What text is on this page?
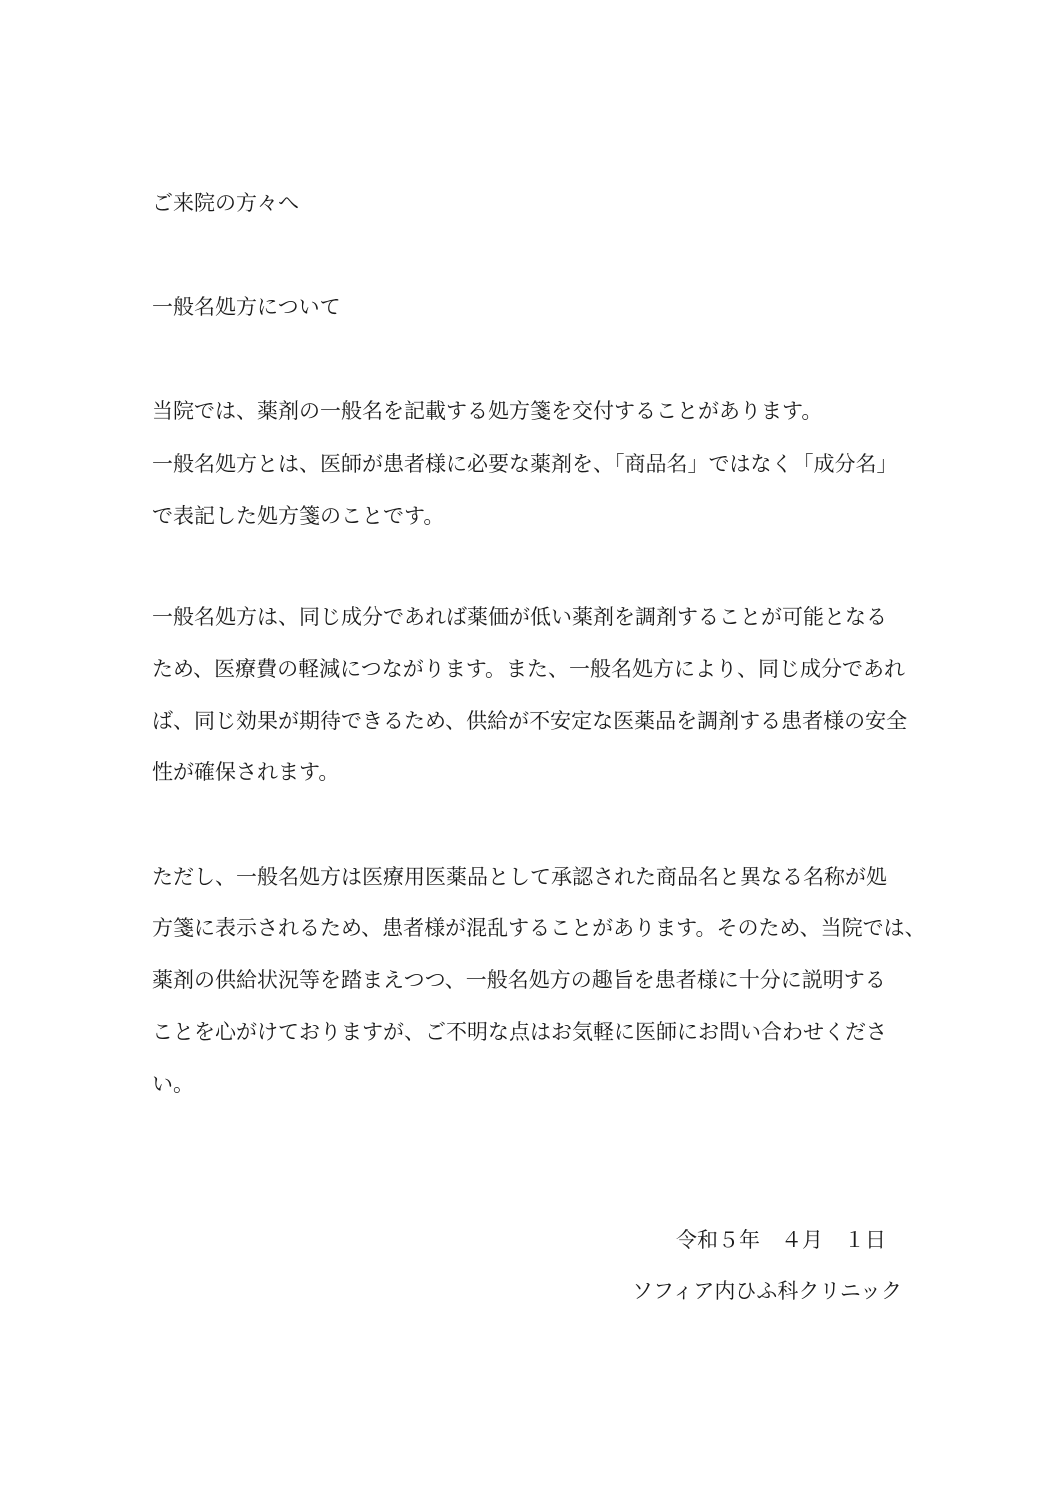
ご来院の方々へ
一般名処方について
当院では、薬剤の一般名を記載する処方箋を交付することがあります。
一般名処方とは、医師が患者様に必要な薬剤を、「商品名」ではなく「成分名」
で表記した処方箋のことです。
一般名処方は、同じ成分であれば薬価が低い薬剤を調剤することが可能となる
ため、医療費の軽減につながります。また、一般名処方により、同じ成分であれ
ば、同じ効果が期待できるため、供給が不安定な医薬品を調剤する患者様の安全
性が確保されます。
ただし、一般名処方は医療用医薬品として承認された商品名と異なる名称が処
方箋に表示されるため、患者様が混乱することがあります。そのため、当院では、
薬剤の供給状況等を踏まえつつ、一般名処方の趣旨を患者様に十分に説明する
ことを心がけておりますが、ご不明な点はお気軽に医師にお問い合わせくださ
い。
令和５年　４月　１日
ソフィア内ひふ科クリニック
